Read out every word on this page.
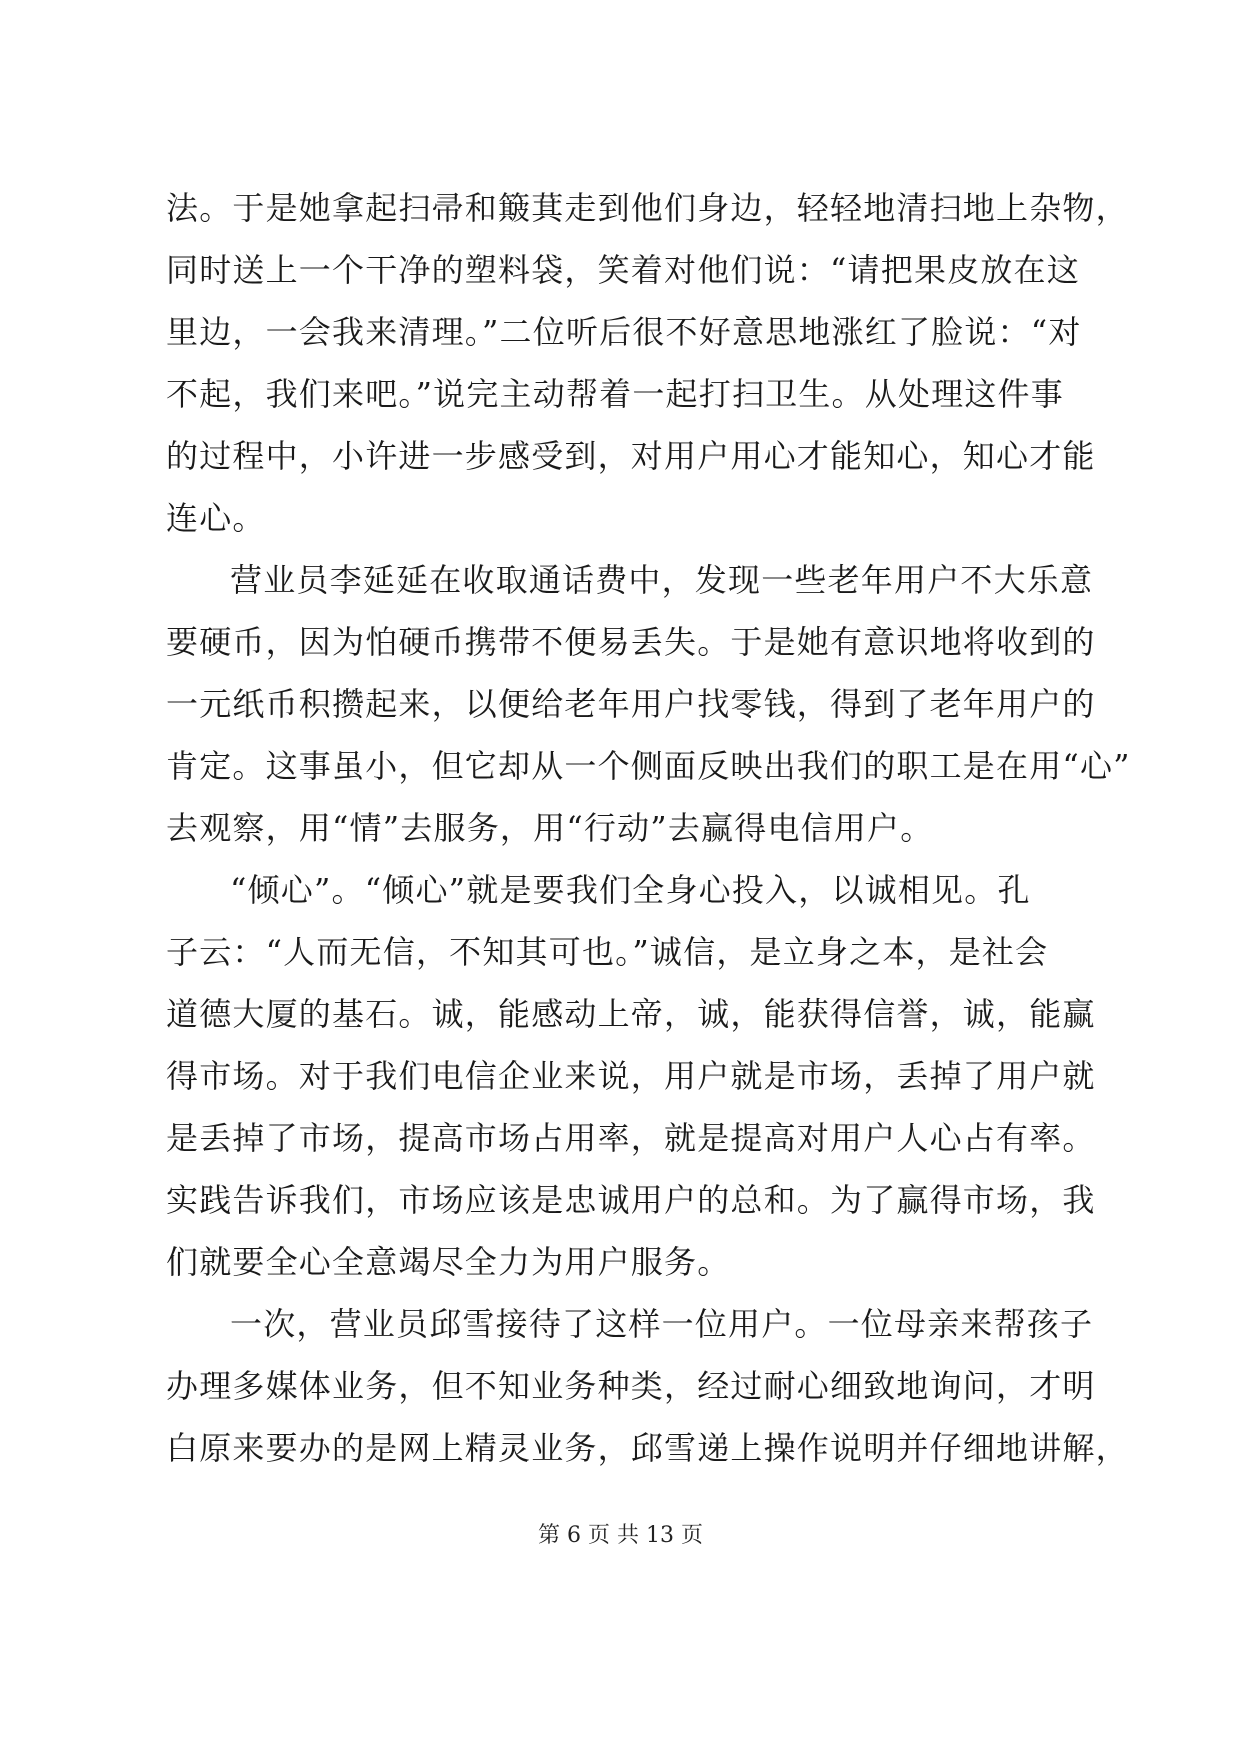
法。于是她拿起扫帚和簸萁走到他们身边，轻轻地清扫地上杂物，
同时送上一个干净的塑料袋，笑着对他们说：“请把果皮放在这
里边，一会我来清理。”二位听后很不好意思地涨红了脸说：“对
不起，我们来吧。”说完主动帮着一起打扫卫生。从处理这件事
的过程中，小许进一步感受到，对用户用心才能知心，知心才能
连心。
营业员李延延在收取通话费中，发现一些老年用户不大乐意
要硬币，因为怕硬币携带不便易丢失。于是她有意识地将收到的
一元纸币积攒起来，以便给老年用户找零钱，得到了老年用户的
肯定。这事虽小，但它却从一个侧面反映出我们的职工是在用“心”
去观察，用“情”去服务，用“行动”去赢得电信用户。
“倾心”。“倾心”就是要我们全身心投入，以诚相见。孔
子云：“人而无信，不知其可也。”诚信，是立身之本，是社会
道德大厦的基石。诚，能感动上帝，诚，能获得信誉，诚，能赢
得市场。对于我们电信企业来说，用户就是市场，丢掉了用户就
是丢掉了市场，提高市场占用率，就是提高对用户人心占有率。
实践告诉我们，市场应该是忠诚用户的总和。为了赢得市场，我
们就要全心全意竭尽全力为用户服务。
一次，营业员邱雪接待了这样一位用户。一位母亲来帮孩子
办理多媒体业务，但不知业务种类，经过耐心细致地询问，才明
白原来要办的是网上精灵业务，邱雪递上操作说明并仔细地讲解，
第 6 页 共 13 页
